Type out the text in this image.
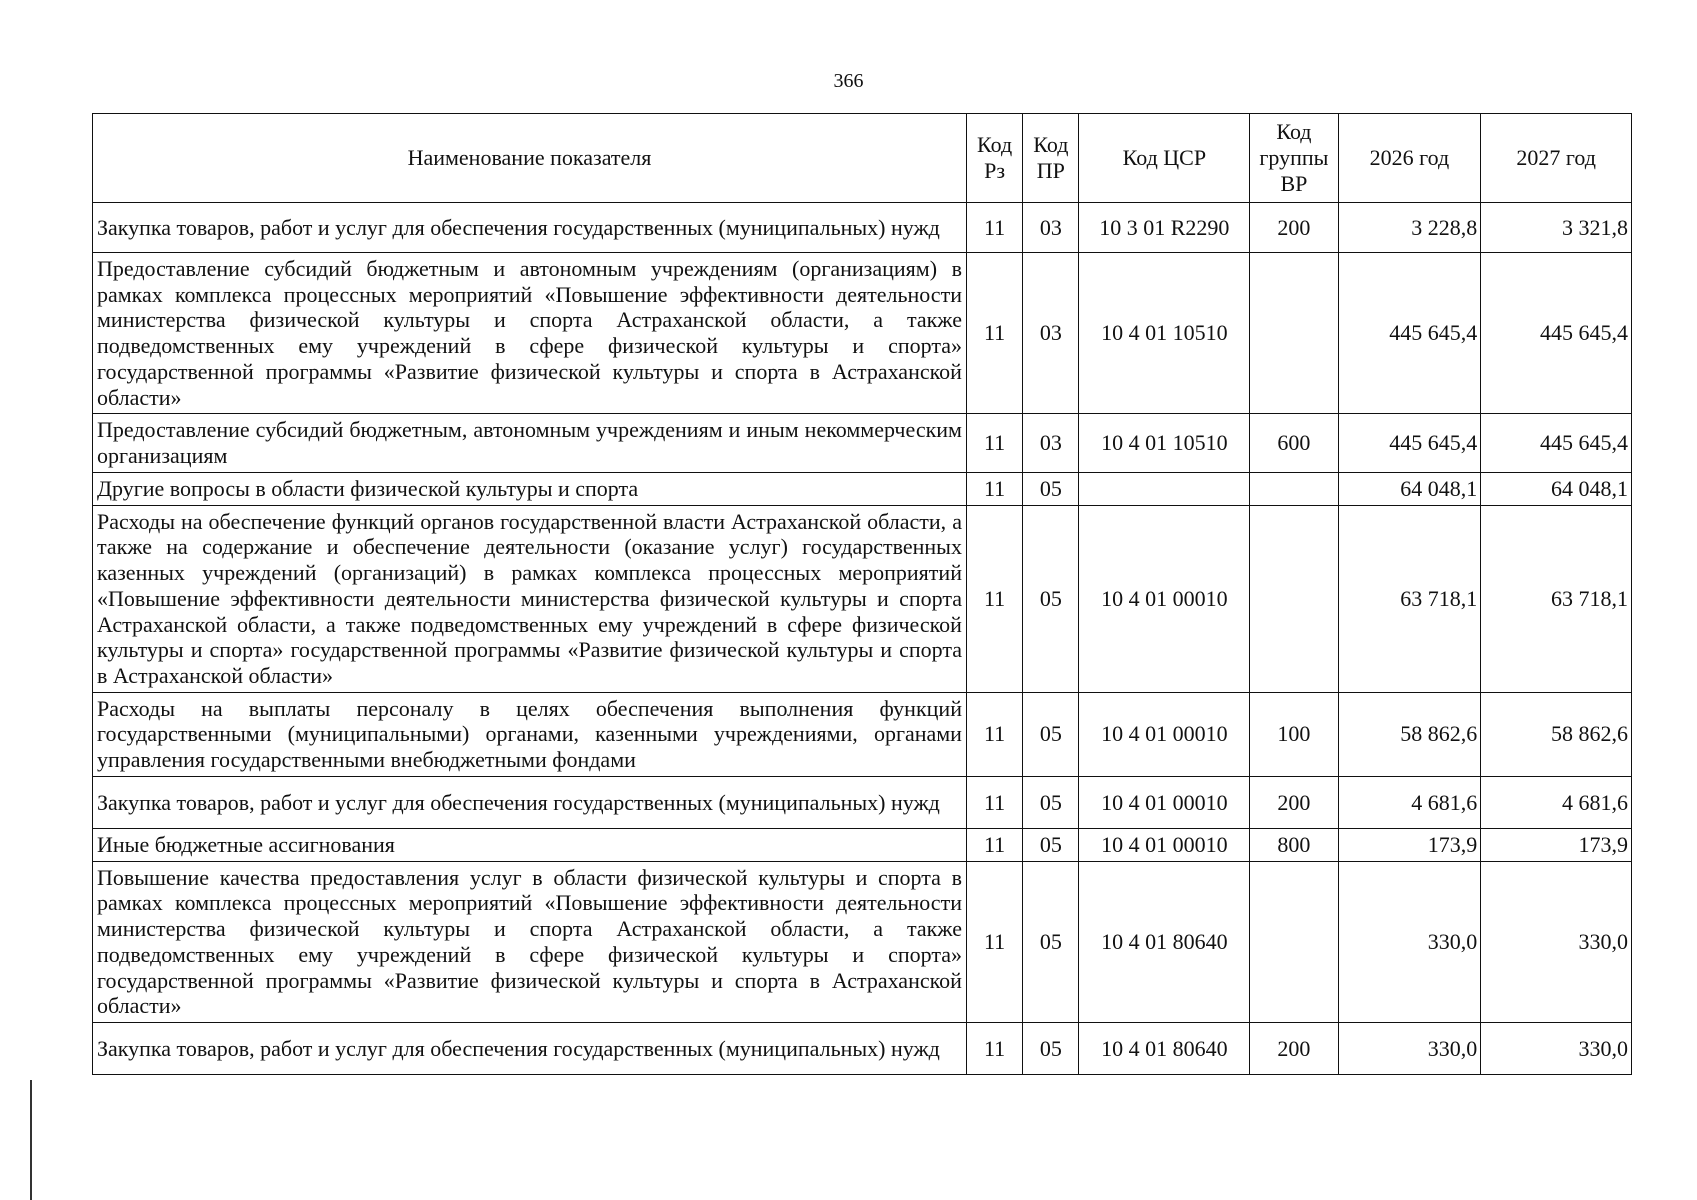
366
Наименование показателя	Код Рз	Код ПР	Код ЦСР	Код группы ВР	2026 год	2027 год
Закупка товаров, работ и услуг для обеспечения государственных (муниципальных) нужд	11	03	10 3 01 R2290	200	3 228,8	3 321,8
Предоставление субсидий бюджетным и автономным учреждениям (организациям) в рамках комплекса процессных мероприятий «Повышение эффективности деятельности министерства физической культуры и спорта Астраханской области, а также подведомственных ему учреждений в сфере физической культуры и спорта» государственной программы «Развитие физической культуры и спорта в Астраханской области»	11	03	10 4 01 10510		445 645,4	445 645,4
Предоставление субсидий бюджетным, автономным учреждениям и иным некоммерческим организациям	11	03	10 4 01 10510	600	445 645,4	445 645,4
Другие вопросы в области физической культуры и спорта	11	05			64 048,1	64 048,1
Расходы на обеспечение функций органов государственной власти Астраханской области, а также на содержание и обеспечение деятельности (оказание услуг) государственных казенных учреждений (организаций) в рамках комплекса процессных мероприятий «Повышение эффективности деятельности министерства физической культуры и спорта Астраханской области, а также подведомственных ему учреждений в сфере физической культуры и спорта» государственной программы «Развитие физической культуры и спорта в Астраханской области»	11	05	10 4 01 00010		63 718,1	63 718,1
Расходы на выплаты персоналу в целях обеспечения выполнения функций государственными (муниципальными) органами, казенными учреждениями, органами управления государственными внебюджетными фондами	11	05	10 4 01 00010	100	58 862,6	58 862,6
Закупка товаров, работ и услуг для обеспечения государственных (муниципальных) нужд	11	05	10 4 01 00010	200	4 681,6	4 681,6
Иные бюджетные ассигнования	11	05	10 4 01 00010	800	173,9	173,9
Повышение качества предоставления услуг в области физической культуры и спорта в рамках комплекса процессных мероприятий «Повышение эффективности деятельности министерства физической культуры и спорта Астраханской области, а также подведомственных ему учреждений в сфере физической культуры и спорта» государственной программы «Развитие физической культуры и спорта в Астраханской области»	11	05	10 4 01 80640		330,0	330,0
Закупка товаров, работ и услуг для обеспечения государственных (муниципальных) нужд	11	05	10 4 01 80640	200	330,0	330,0
